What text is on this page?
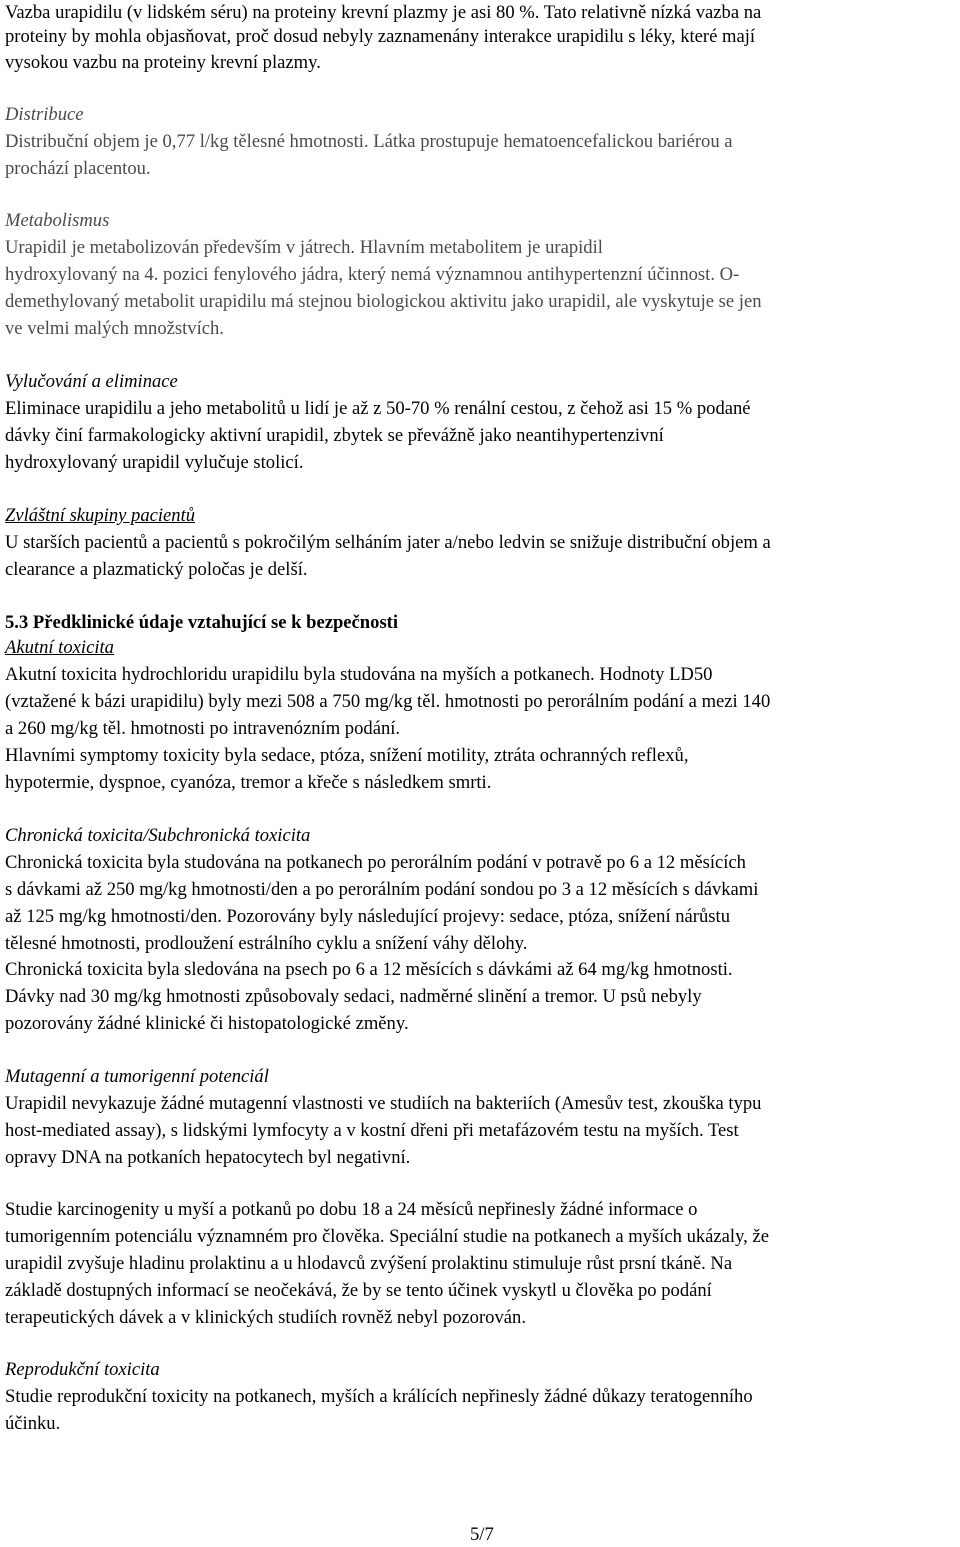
Vazba urapidilu (v lidském séru) na proteiny krevní plazmy je asi 80 %. Tato relativně nízká vazba na
proteiny by mohla objasňovat, proč dosud nebyly zaznamenány interakce urapidilu s léky, které mají
vysokou vazbu na proteiny krevní plazmy.
Distribuce
Distribuční objem je 0,77 l/kg tělesné hmotnosti. Látka prostupuje hematoencefalickou bariérou a
prochází placentou.
Metabolismus
Urapidil je metabolizován především v játrech. Hlavním metabolitem je urapidil
hydroxylovaný na 4. pozici fenylového jádra, který nemá významnou antihypertenzní účinnost. O-
demethylovaný metabolit urapidilu má stejnou biologickou aktivitu jako urapidil, ale vyskytuje se jen
ve velmi malých množstvích.
Vylučování a eliminace
Eliminace urapidilu a jeho metabolitů u lidí je až z 50-70 % renální cestou, z čehož asi 15 % podané
dávky činí farmakologicky aktivní urapidil, zbytek se převážně jako neantihypertenzivní
hydroxylovaný urapidil vylučuje stolicí.
Zvláštní skupiny pacientů
U starších pacientů a pacientů s pokročilým selháním jater a/nebo ledvin se snižuje distribuční objem a
clearance a plazmatický poločas je delší.
5.3 Předklinické údaje vztahující se k bezpečnosti
Akutní toxicita
Akutní toxicita hydrochloridu urapidilu byla studována na myších a potkanech. Hodnoty LD50
(vztažené k bázi urapidilu) byly mezi 508 a 750 mg/kg těl. hmotnosti po perorálním podání a mezi 140
a 260 mg/kg těl. hmotnosti po intravenózním podání.
Hlavními symptomy toxicity byla sedace, ptóza, snížení motility, ztráta ochranných reflexů,
hypotermie, dyspnoe, cyanóza, tremor a křeče s následkem smrti.
Chronická toxicita/Subchronická toxicita
Chronická toxicita byla studována na potkanech po perorálním podání v potravě po 6 a 12 měsících
s dávkami až 250 mg/kg hmotnosti/den a po perorálním podání sondou po 3 a 12 měsících s dávkami
až 125 mg/kg hmotnosti/den. Pozorovány byly následující projevy: sedace, ptóza, snížení nárůstu
tělesné hmotnosti, prodloužení estrálního cyklu a snížení váhy dělohy.
Chronická toxicita byla sledována na psech po 6 a 12 měsících s dávkámi až 64 mg/kg hmotnosti.
Dávky nad 30 mg/kg hmotnosti způsobovaly sedaci, nadměrné slinění a tremor. U psů nebyly
pozorovány žádné klinické či histopatologické změny.
Mutagenní a tumorigenní potenciál
Urapidil nevykazuje žádné mutagenní vlastnosti ve studiích na bakteriích (Amesův test, zkouška typu
host-mediated assay), s lidskými lymfocyty a v kostní dřeni při metafázovém testu na myších. Test
opravy DNA na potkaních hepatocytech byl negativní.
Studie karcinogenity u myší a potkanů po dobu 18 a 24 měsíců nepřinesly žádné informace o
tumorigenním potenciálu významném pro člověka. Speciální studie na potkanech a myších ukázaly, že
urapidil zvyšuje hladinu prolaktinu a u hlodavců zvýšení prolaktinu stimuluje růst prsní tkáně. Na
základě dostupných informací se neočekává, že by se tento účinek vyskytl u člověka po podání
terapeutických dávek a v klinických studiích rovněž nebyl pozorován.
Reprodukční toxicita
Studie reprodukční toxicity na potkanech, myších a králících nepřinesly žádné důkazy teratogenního
účinku.
5/7
